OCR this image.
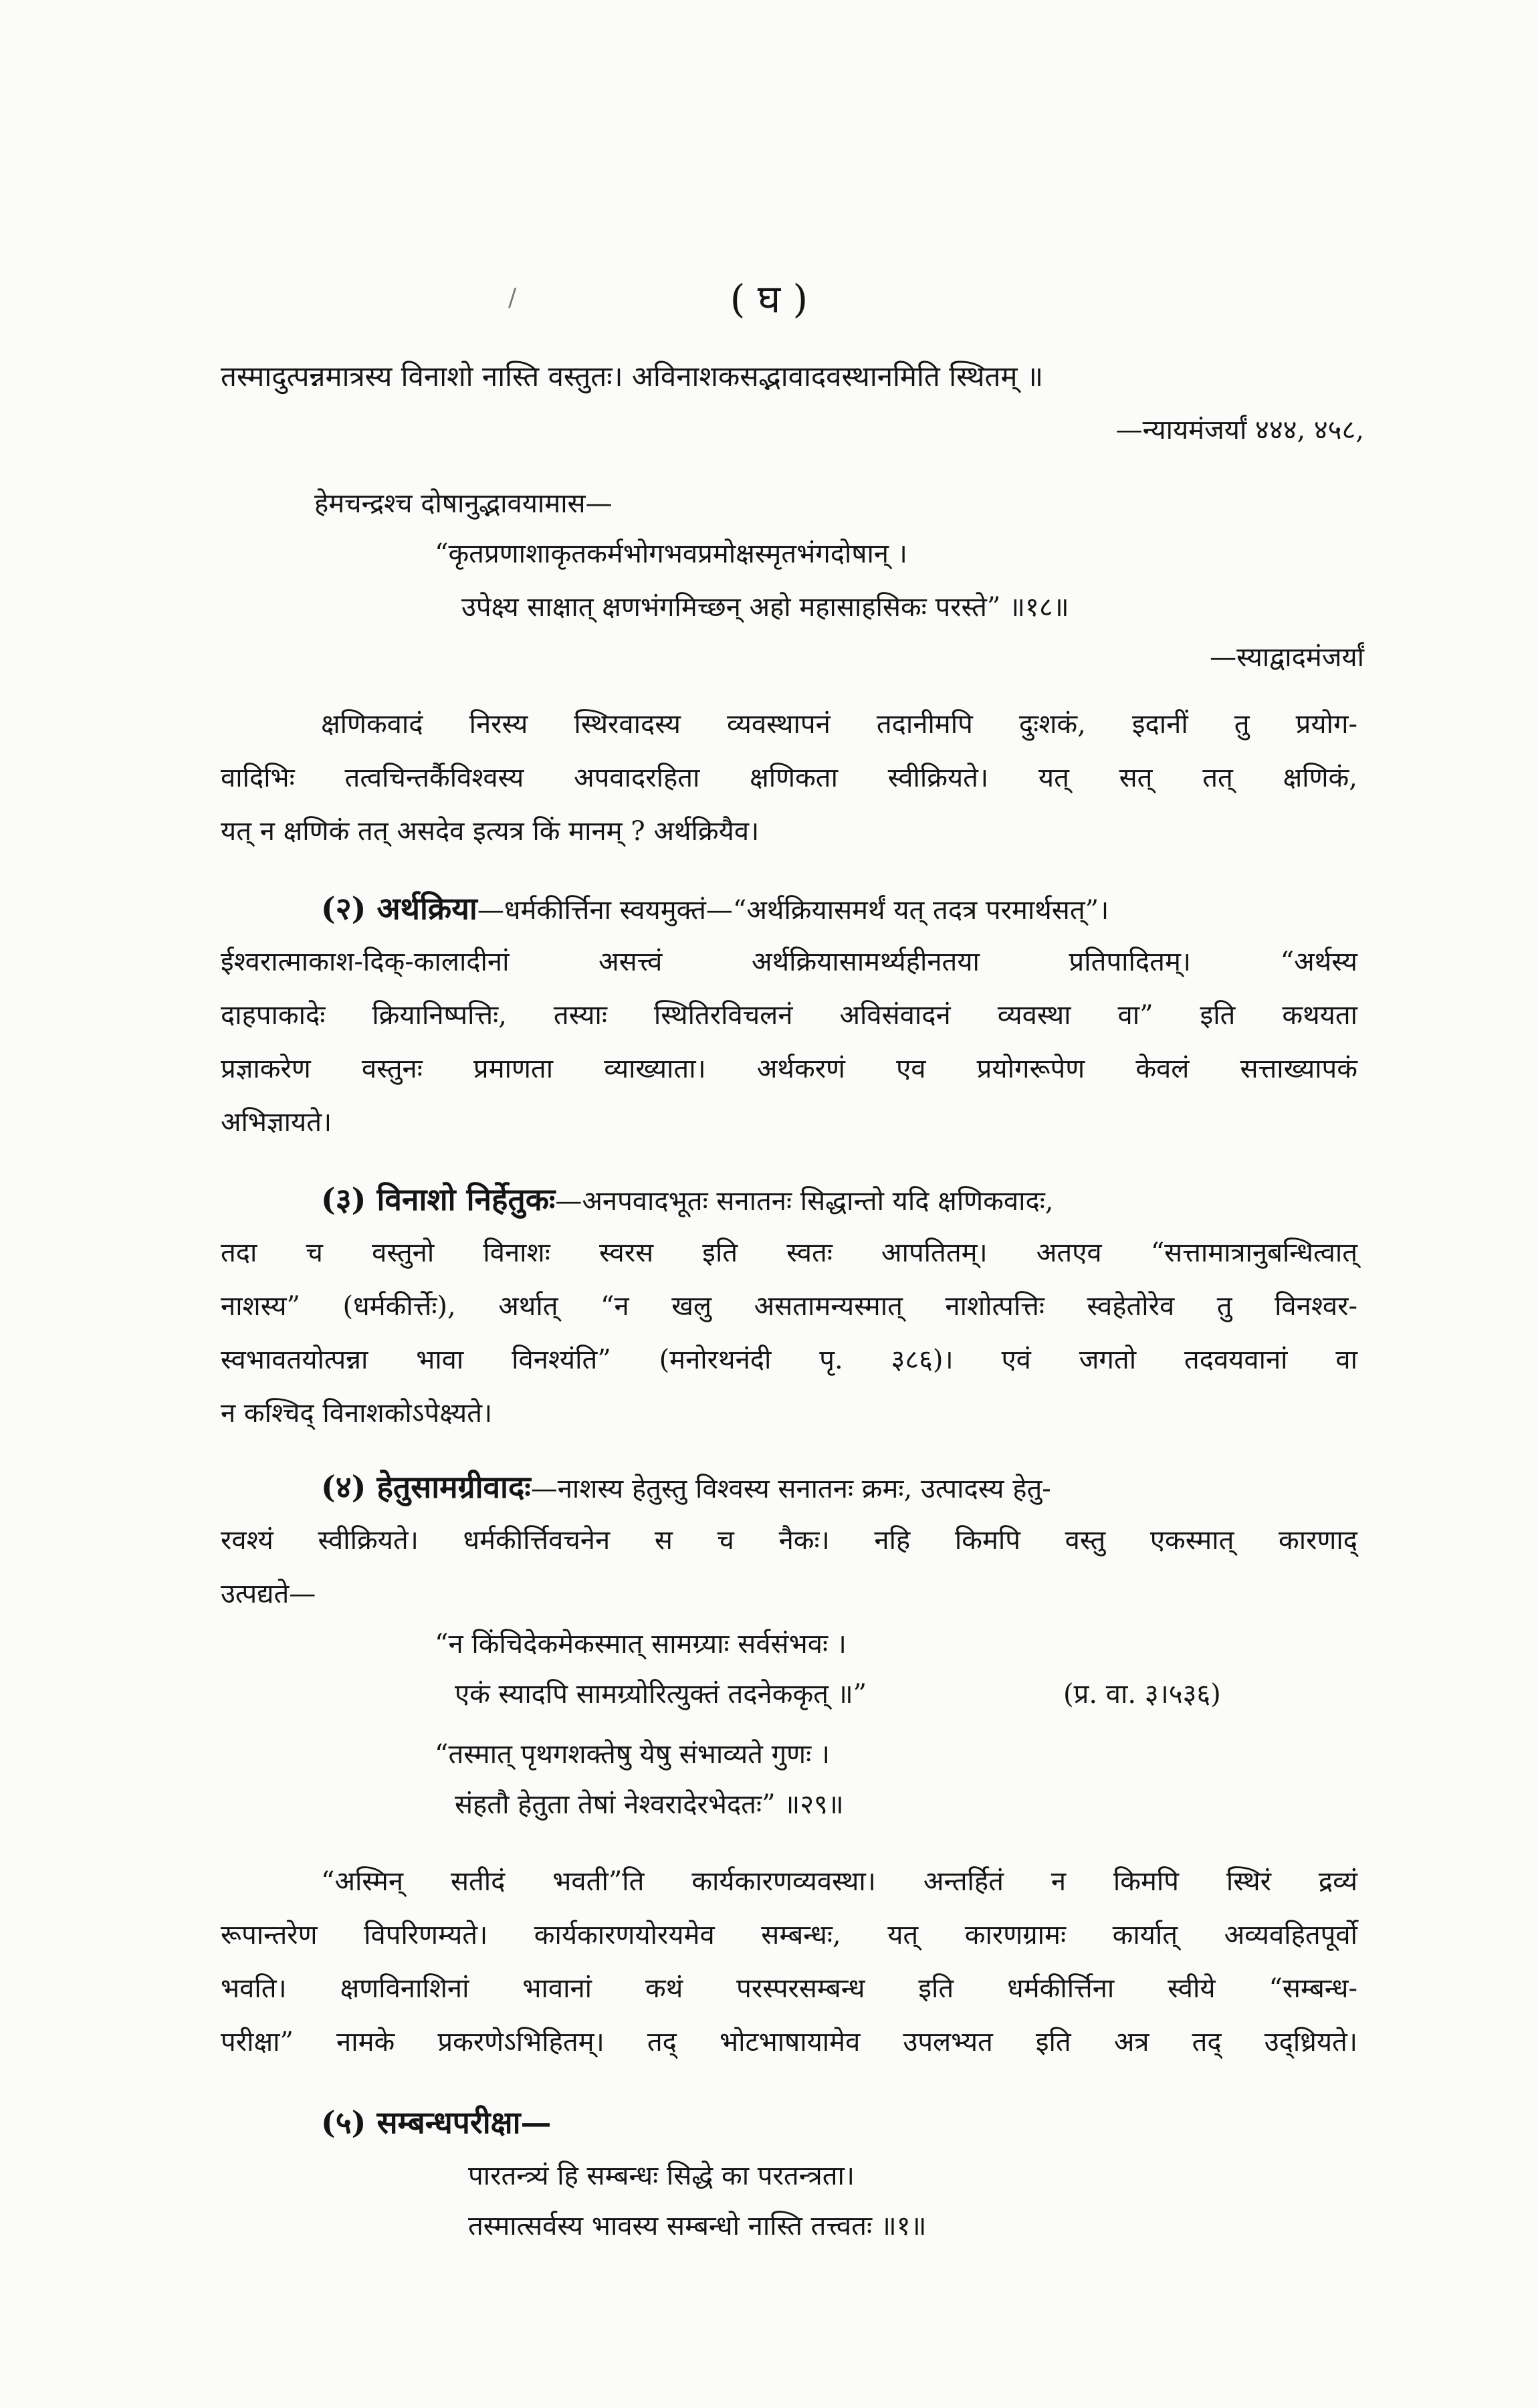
/	( घ )
तस्मादुत्पन्नमात्रस्य विनाशो नास्ति वस्तुतः। अविनाशकसद्भावादवस्थानमिति स्थितम् ॥
—न्यायमंजर्यां ४४४, ४५८,
हेमचन्द्रश्च दोषानुद्भावयामास—
“कृतप्रणाशाकृतकर्मभोगभवप्रमोक्षस्मृतभंगदोषान् ।
उपेक्ष्य साक्षात् क्षणभंगमिच्छन् अहो महासाहसिकः परस्ते” ॥१८॥
—स्याद्वादमंजर्यां
क्षणिकवादं निरस्य स्थिरवादस्य व्यवस्थापनं तदानीमपि दुःशकं, इदानीं तु प्रयोग-
वादिभिः तत्वचिन्तर्कैविश्वस्य अपवादरहिता क्षणिकता स्वीक्रियते। यत् सत् तत् क्षणिकं,
यत् न क्षणिकं तत् असदेव इत्यत्र किं मानम् ? अर्थक्रियैव।
(२) अर्थक्रिया—धर्मकीर्त्तिना स्वयमुक्तं—“अर्थक्रियासमर्थं यत् तदत्र परमार्थसत्”।
ईश्वरात्माकाश-दिक्-कालादीनां असत्त्वं अर्थक्रियासामर्थ्यहीनतया प्रतिपादितम्। “अर्थस्य
दाहपाकादेः क्रियानिष्पत्तिः, तस्याः स्थितिरविचलनं अविसंवादनं व्यवस्था वा” इति कथयता
प्रज्ञाकरेण वस्तुनः प्रमाणता व्याख्याता। अर्थकरणं एव प्रयोगरूपेण केवलं सत्ताख्यापकं
अभिज्ञायते।
(३) विनाशो निर्हेतुकः—अनपवादभूतः सनातनः सिद्धान्तो यदि क्षणिकवादः,
तदा च वस्तुनो विनाशः स्वरस इति स्वतः आपतितम्। अतएव “सत्तामात्रानुबन्धित्वात्
नाशस्य” (धर्मकीर्त्तेः), अर्थात् “न खलु असतामन्यस्मात् नाशोत्पत्तिः स्वहेतोरेव तु विनश्वर-
स्वभावतयोत्पन्ना भावा विनश्यंति” (मनोरथनंदी पृ. ३८६)। एवं जगतो तदवयवानां वा
न कश्चिद् विनाशकोऽपेक्ष्यते।
(४) हेतुसामग्रीवादः—नाशस्य हेतुस्तु विश्वस्य सनातनः क्रमः, उत्पादस्य हेतु-
रवश्यं स्वीक्रियते। धर्मकीर्त्तिवचनेन स च नैकः। नहि किमपि वस्तु एकस्मात् कारणाद्
उत्पद्यते—
“न किंचिदेकमेकस्मात् सामग्र्याः सर्वसंभवः ।
एकं स्यादपि सामग्र्योरित्युक्तं तदनेककृत् ॥”	(प्र. वा. ३।५३६)
“तस्मात् पृथगशक्तेषु येषु संभाव्यते गुणः ।
संहतौ हेतुता तेषां नेश्वरादेरभेदतः” ॥२९॥
“अस्मिन् सतीदं भवती”ति कार्यकारणव्यवस्था। अन्तर्हितं न किमपि स्थिरं द्रव्यं
रूपान्तरेण विपरिणम्यते। कार्यकारणयोरयमेव सम्बन्धः, यत् कारणग्रामः कार्यात् अव्यवहितपूर्वो
भवति। क्षणविनाशिनां भावानां कथं परस्परसम्बन्ध इति धर्मकीर्त्तिना स्वीये “सम्बन्ध-
परीक्षा” नामके प्रकरणेऽभिहितम्। तद् भोटभाषायामेव उपलभ्यत इति अत्र तद् उद्ध्रियते।
(५) सम्बन्धपरीक्षा—
पारतन्त्र्यं हि सम्बन्धः सिद्धे का परतन्त्रता।
तस्मात्सर्वस्य भावस्य सम्बन्धो नास्ति तत्त्वतः ॥१॥
